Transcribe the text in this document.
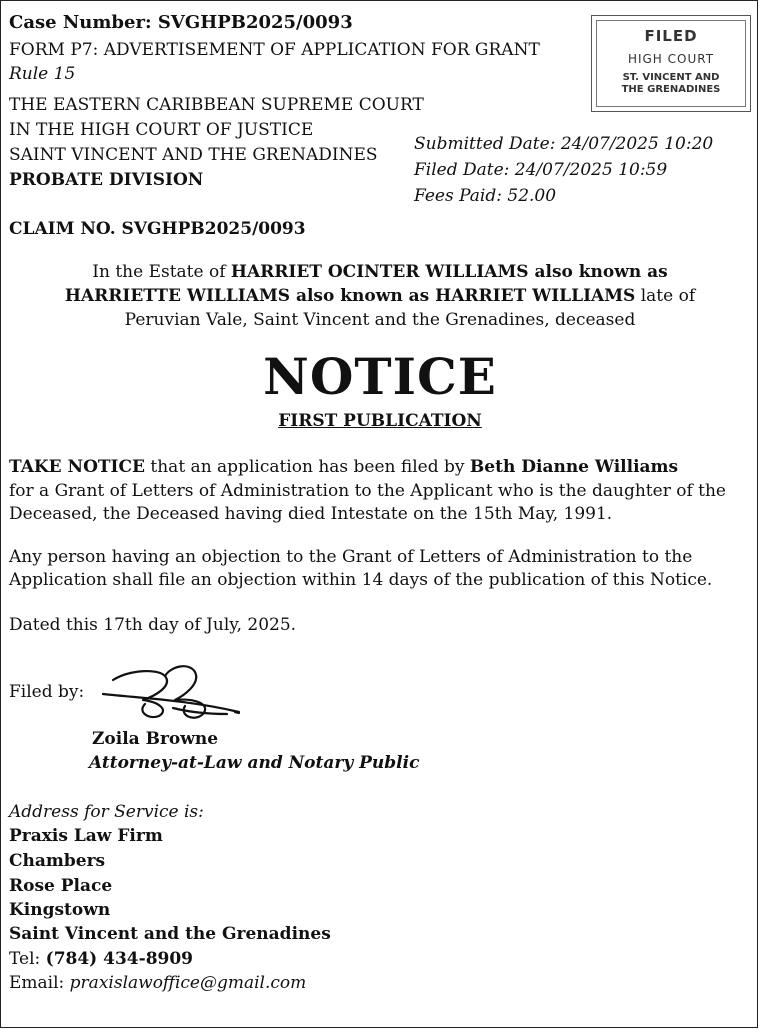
Case Number: SVGHPB2025/0093
FORM P7: ADVERTISEMENT OF APPLICATION FOR GRANT
Rule 15
THE EASTERN CARIBBEAN SUPREME COURT
IN THE HIGH COURT OF JUSTICE
SAINT VINCENT AND THE GRENADINES
PROBATE DIVISION
FILED
HIGH COURT
ST. VINCENT AND
THE GRENADINES
Submitted Date: 24/07/2025 10:20
Filed Date: 24/07/2025 10:59
Fees Paid: 52.00
CLAIM NO. SVGHPB2025/0093
In the Estate of HARRIET OCINTER WILLIAMS also known as
HARRIETTE WILLIAMS also known as HARRIET WILLIAMS late of
Peruvian Vale, Saint Vincent and the Grenadines, deceased
NOTICE
FIRST PUBLICATION
TAKE NOTICE that an application has been filed by Beth Dianne Williams
for a Grant of Letters of Administration to the Applicant who is the daughter of the
Deceased, the Deceased having died Intestate on the 15th May, 1991.
Any person having an objection to the Grant of Letters of Administration to the
Application shall file an objection within 14 days of the publication of this Notice.
Dated this 17th day of July, 2025.
Filed by:
Zoila Browne
Attorney-at-Law and Notary Public
Address for Service is:
Praxis Law Firm
Chambers
Rose Place
Kingstown
Saint Vincent and the Grenadines
Tel: (784) 434-8909
Email: praxislawoffice@gmail.com
